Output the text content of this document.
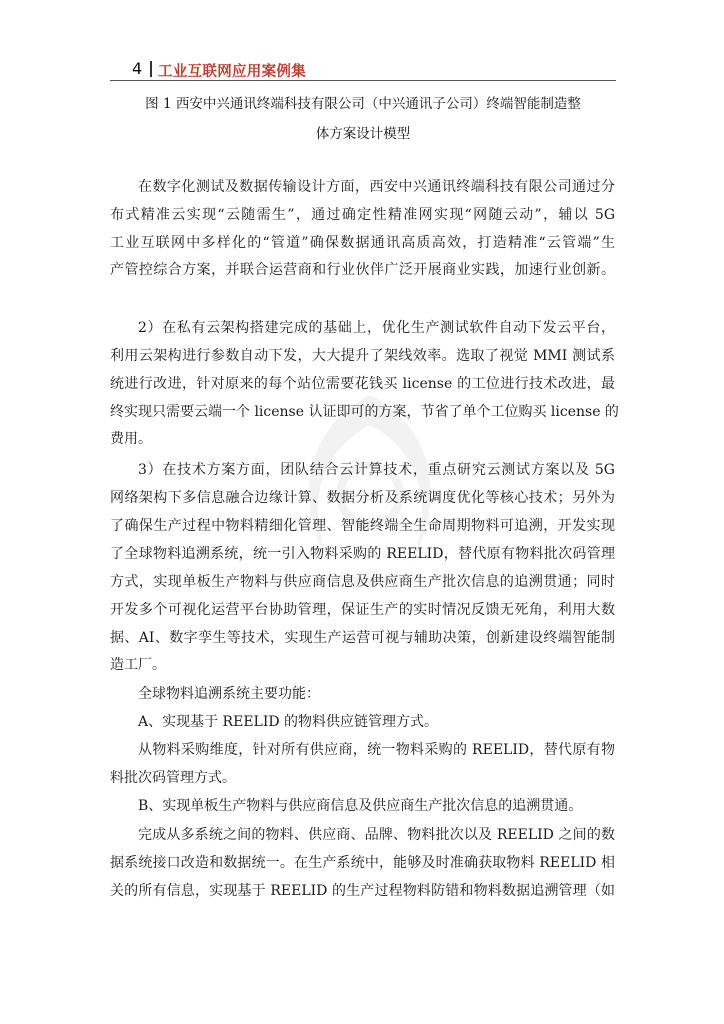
4 工业互联网应用案例集
图 1 西安中兴通讯终端科技有限公司（中兴通讯子公司）终端智能制造整
体方案设计模型
在数字化测试及数据传输设计方面，西安中兴通讯终端科技有限公司通过分
布式精准云实现“云随需生”，通过确定性精准网实现“网随云动”，辅以 5G
工业互联网中多样化的“管道”确保数据通讯高质高效，打造精准“云管端”生
产管控综合方案，并联合运营商和行业伙伴广泛开展商业实践，加速行业创新。
2）在私有云架构搭建完成的基础上，优化生产测试软件自动下发云平台，
利用云架构进行参数自动下发，大大提升了架线效率。选取了视觉 MMI 测试系
统进行改进，针对原来的每个站位需要花钱买 license 的工位进行技术改进，最
终实现只需要云端一个 license 认证即可的方案，节省了单个工位购买 license 的
费用。
3）在技术方案方面，团队结合云计算技术，重点研究云测试方案以及 5G
网络架构下多信息融合边缘计算、数据分析及系统调度优化等核心技术；另外为
了确保生产过程中物料精细化管理、智能终端全生命周期物料可追溯，开发实现
了全球物料追溯系统，统一引入物料采购的 REELID，替代原有物料批次码管理
方式，实现单板生产物料与供应商信息及供应商生产批次信息的追溯贯通；同时
开发多个可视化运营平台协助管理，保证生产的实时情况反馈无死角，利用大数
据、AI、数字孪生等技术，实现生产运营可视与辅助决策，创新建设终端智能制
造工厂。
全球物料追溯系统主要功能：
A、实现基于 REELID 的物料供应链管理方式。
从物料采购维度，针对所有供应商，统一物料采购的 REELID，替代原有物
料批次码管理方式。
B、实现单板生产物料与供应商信息及供应商生产批次信息的追溯贯通。
完成从多系统之间的物料、供应商、品牌、物料批次以及 REELID 之间的数
据系统接口改造和数据统一。在生产系统中，能够及时准确获取物料 REELID 相
关的所有信息，实现基于 REELID 的生产过程物料防错和物料数据追溯管理（如
